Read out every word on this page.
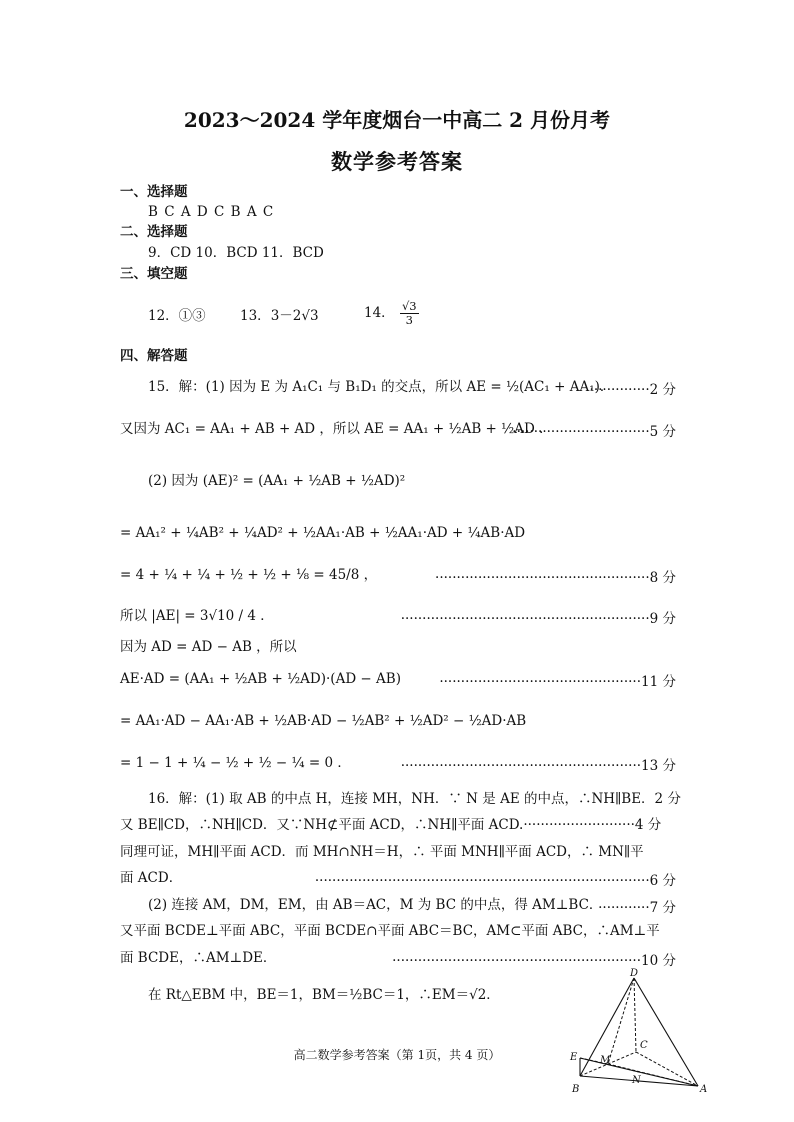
2023～2024 学年度烟台一中高二 2 月份月考
数学参考答案
一、选择题
B C A D C B A C
二、选择题
9．CD 10．BCD 11．BCD
三、填空题
12．①③	13．3－2√3	14． $\frac{√3}{3}$
四、解答题
15．解：(1) 因为 E 为 A₁C₁ 与 B₁D₁ 的交点，所以 AE = ½(AC₁ + AA₁)．
··············2 分
又因为 AC₁ = AA₁ + AB + AD ，所以 AE = AA₁ + ½AB + ½AD ．
································5 分
(2) 因为 (AE)² = (AA₁ + ½AB + ½AD)²
= AA₁² + ¼AB² + ¼AD² + ½AA₁·AB + ½AA₁·AD + ¼AB·AD
= 4 + ¼ + ¼ + ½ + ½ + ⅛ = 45/8 ，	··················································8 分
所以 |AE| = 3√10 / 4 ．	··························································9 分
因为 AD = AD − AB ，所以
AE·AD = (AA₁ + ½AB + ½AD)·(AD − AB)	···············································11 分
= AA₁·AD − AA₁·AB + ½AB·AD − ½AB² + ½AD² − ½AD·AB
= 1 − 1 + ¼ − ½ + ½ − ¼ = 0 ．	························································13 分
16．解：(1) 取 AB 的中点 H，连接 MH，NH．∵ N 是 AE 的中点，∴NH∥BE．2 分
又 BE∥CD，∴NH∥CD．又∵NH⊄平面 ACD，∴NH∥平面 ACD.··························4 分
同理可证，MH∥平面 ACD．而 MH∩NH＝H，∴ 平面 MNH∥平面 ACD，∴ MN∥平
面 ACD．	··············································································6 分
(2) 连接 AM，DM，EM，由 AB＝AC，M 为 BC 的中点，得 AM⊥BC．
············7 分
又平面 BCDE⊥平面 ABC，平面 BCDE∩平面 ABC＝BC，AM⊂平面 ABC，∴AM⊥平
面 BCDE，∴AM⊥DE．	··························································10 分
在 Rt△EBM 中，BE＝1，BM＝½BC＝1，∴EM＝√2．
D
C
M
E
N
B	A
高二数学参考答案（第 1页，共 4 页）
